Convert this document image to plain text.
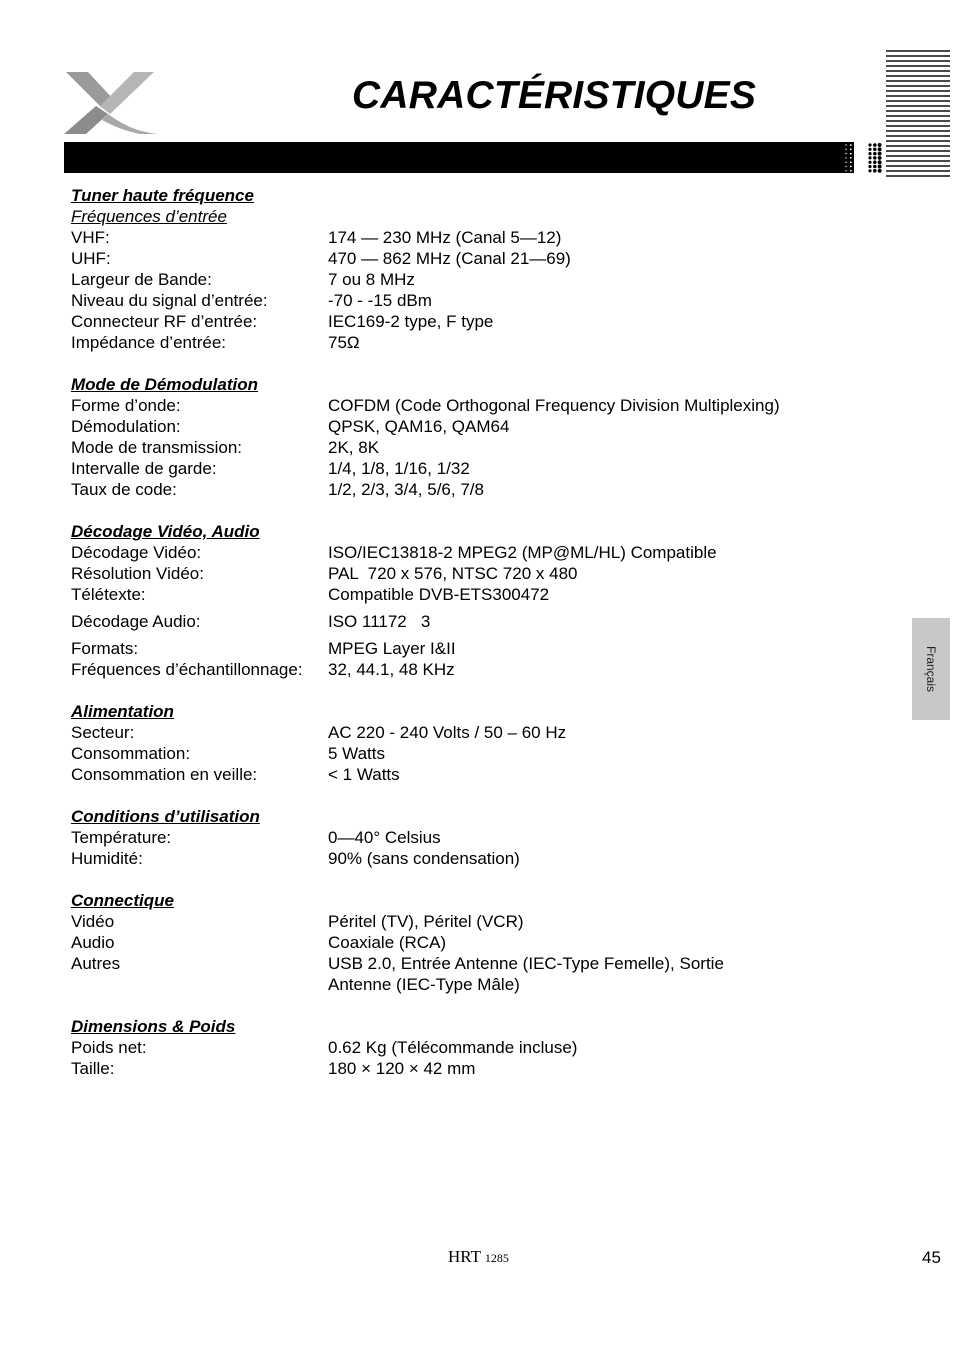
CARACTÉRISTIQUES
Français
Tuner haute fréquence
Fréquences d’entrée
VHF:	174 — 230 MHz (Canal 5—12)
UHF:	470 — 862 MHz (Canal 21—69)
Largeur de Bande:	7 ou 8 MHz
Niveau du signal d’entrée:	-70 - -15 dBm
Connecteur RF d’entrée:	IEC169-2 type, F type
Impédance d’entrée:	75Ω
Mode de Démodulation
Forme d’onde:	COFDM (Code Orthogonal Frequency Division Multiplexing)
Démodulation:	QPSK, QAM16, QAM64
Mode de transmission:	2K, 8K
Intervalle de garde:	1/4, 1/8, 1/16, 1/32
Taux de code:	1/2, 2/3, 3/4, 5/6, 7/8
Décodage Vidéo, Audio
Décodage Vidéo:	ISO/IEC13818-2 MPEG2 (MP@ML/HL) Compatible
Résolution Vidéo:	PAL  720 x 576, NTSC 720 x 480
Télétexte:	Compatible DVB-ETS300472
Décodage Audio:	ISO 11172   3
Formats:	MPEG Layer I&II
Fréquences d’échantillonnage:	32, 44.1, 48 KHz
Alimentation
Secteur:	AC 220 - 240 Volts / 50 – 60 Hz
Consommation:	5 Watts
Consommation en veille:	< 1 Watts
Conditions d’utilisation
Température:	0—40° Celsius
Humidité:	90% (sans condensation)
Connectique
Vidéo	Péritel (TV), Péritel (VCR)
Audio	Coaxiale (RCA)
Autres	USB 2.0, Entrée Antenne (IEC-Type Femelle), Sortie
Antenne (IEC-Type Mâle)
Dimensions & Poids
Poids net:	0.62 Kg (Télécommande incluse)
Taille:	180 × 120 × 42 mm
HRT 1285	45
